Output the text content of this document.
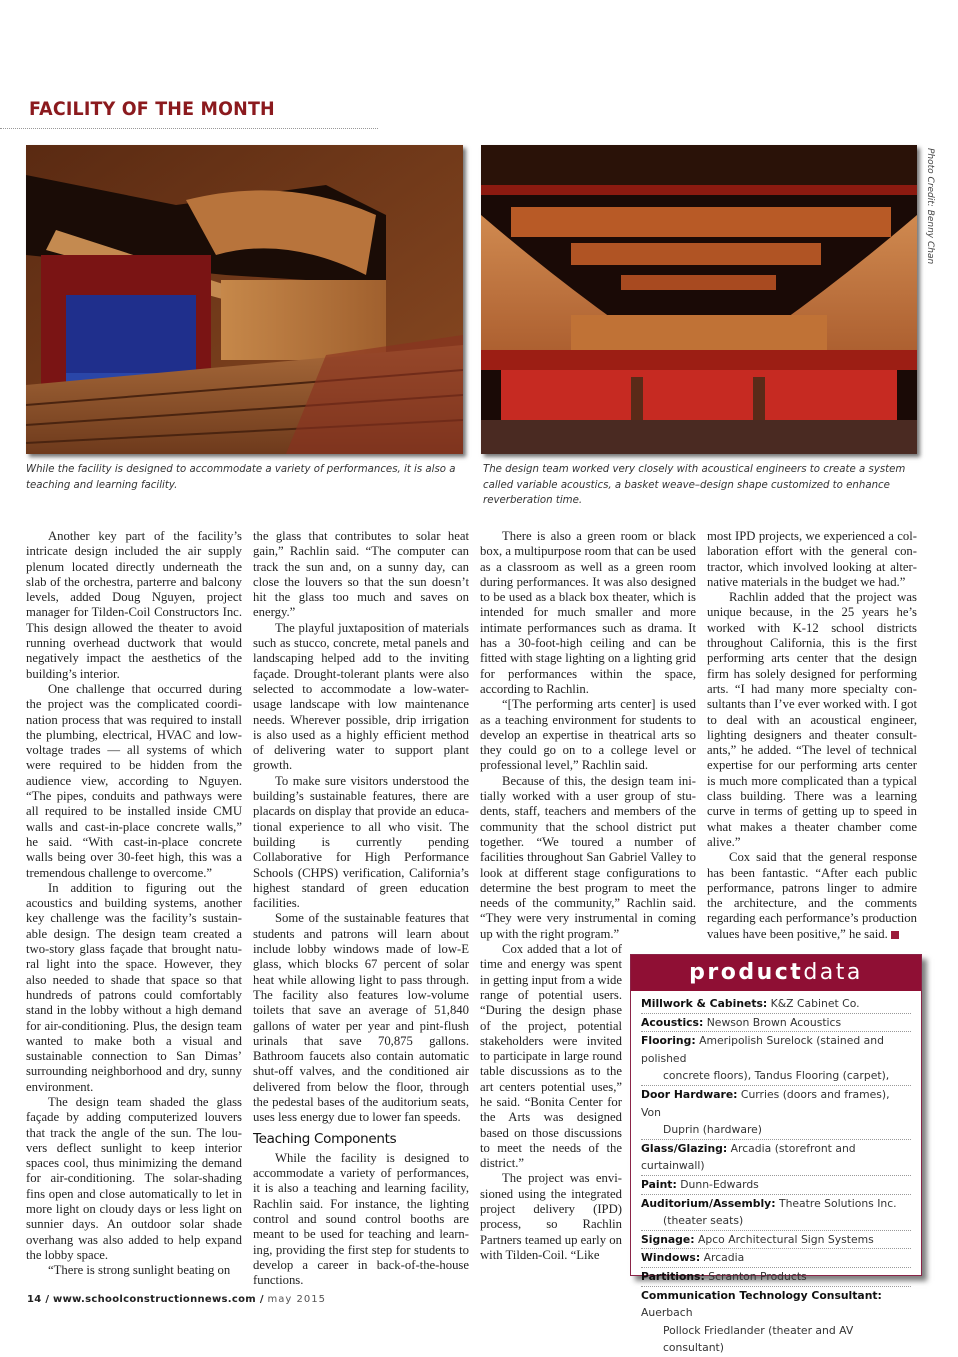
FACILITY OF THE MONTH
Photo Credit: Benny Chan
While the facility is designed to accommodate a variety of performances, it is also a teaching and learning facility.
The design team worked very closely with acoustical engineers to create a system called variable acoustics, a basket weave–design shape customized to enhance reverberation time.

Another key part of the facility’s intricate design included the air supply plenum located directly underneath the slab of the orchestra, parterre and balcony levels, added Doug Nguyen, project manager for Tilden-Coil Constructors Inc. This design allowed the theater to avoid running overhead ductwork that would negatively impact the aesthetics of the building’s interior.

One challenge that occurred during the project was the complicated coordination process that was required to install the plumbing, electrical, HVAC and low-voltage trades — all systems of which were required to be hidden from the audience view, according to Nguyen. “The pipes, conduits and pathways were all required to be installed inside CMU walls and cast-in-place concrete walls,” he said. “With cast-in-place concrete walls being over 30-feet high, this was a tremendous challenge to overcome.”

In addition to figuring out the acoustics and building systems, another key challenge was the facility’s sustainable design. The design team created a two-story glass façade that brought natural light into the space. However, they also needed to shade that space so that hundreds of patrons could comfortably stand in the lobby without a high demand for air-conditioning. Plus, the design team wanted to make both a visual and sustainable connection to San Dimas’ surrounding neighborhood and dry, sunny environment.

The design team shaded the glass façade by adding computerized louvers that track the angle of the sun. The louvers deflect sunlight to keep interior spaces cool, thus minimizing the demand for air-conditioning. The solar-shading fins open and close automatically to let in more light on cloudy days or less light on sunnier days. An outdoor solar shade overhang was also added to help expand the lobby space.

“There is strong sunlight beating on

the glass that contributes to solar heat gain,” Rachlin said. “The computer can track the sun and, on a sunny day, can close the louvers so that the sun doesn’t hit the glass too much and saves on energy.”

The playful juxtaposition of materials such as stucco, concrete, metal panels and landscaping helped add to the inviting façade. Drought-tolerant plants were also selected to accommodate a low-water-usage landscape with low maintenance needs. Wherever possible, drip irrigation is also used as a highly efficient method of delivering water to support plant growth.

To make sure visitors understood the building’s sustainable features, there are placards on display that provide an educational experience to all who visit. The building is currently pending Collaborative for High Performance Schools (CHPS) verification, California’s highest standard of green education facilities.

Some of the sustainable features that students and patrons will learn about include lobby windows made of low-E glass, which blocks 67 percent of solar heat while allowing light to pass through. The facility also features low-volume toilets that save an average of 51,840 gallons of water per year and pint-flush urinals that save 70,875 gallons. Bathroom faucets also contain automatic shut-off valves, and the conditioned air delivered from below the floor, through the pedestal bases of the auditorium seats, uses less energy due to lower fan speeds.

Teaching Components

While the facility is designed to accommodate a variety of performances, it is also a teaching and learning facility, Rachlin said. For instance, the lighting control and sound control booths are meant to be used for teaching and learning, providing the first step for students to develop a career in back-of-the-house functions.

There is also a green room or black box, a multipurpose room that can be used as a classroom as well as a green room during performances. It was also designed to be used as a black box theater, which is intended for much smaller and more intimate performances such as drama. It has a 30-foot-high ceiling and can be fitted with stage lighting on a lighting grid for performances within the space, according to Rachlin.

“[The performing arts center] is used as a teaching environment for students to develop an expertise in theatrical arts so they could go on to a college level or professional level,” Rachlin said.

Because of this, the design team initially worked with a user group of students, staff, teachers and members of the community that the school district put together. “We toured a number of facilities throughout San Gabriel Valley to look at different stage configurations to determine the best program to meet the needs of the community,” Rachlin said. “They were very instrumental in coming up with the right program.”

Cox added that a lot of time and energy was spent in getting input from a wide range of potential users. “During the design phase of the project, potential stakeholders were invited to participate in large round table discussions as to the art centers potential uses,” he said. “Bonita Center for the Arts was designed based on those discussions to meet the needs of the district.”

The project was envisioned using the integrated project delivery (IPD) process, so Rachlin Partners teamed up early on with Tilden-Coil. “Like

most IPD projects, we experienced a collaboration effort with the general contractor, which involved looking at alternative materials in the budget we had.”

Rachlin added that the project was unique because, in the 25 years he’s worked with K-12 school districts throughout California, this is the first performing arts center that the design firm has solely designed for performing arts. “I had many more specialty consultants than I’ve ever worked with. I got to deal with an acoustical engineer, lighting designers and theater consultants,” he added. “The level of technical expertise for our performing arts center is much more complicated than a typical class building. There was a learning curve in terms of getting up to speed in what makes a theater chamber come alive.”

Cox said that the general response has been fantastic. “After each public performance, patrons linger to admire the architecture, and the comments regarding each performance’s production values have been positive,” he said.

productdata
Millwork & Cabinets: K&Z Cabinet Co.
Acoustics: Newson Brown Acoustics
Flooring: Ameripolish Surelock (stained and polished
concrete floors), Tandus Flooring (carpet),
Door Hardware: Curries (doors and frames), Von
Duprin (hardware)
Glass/Glazing: Arcadia (storefront and curtainwall)
Paint: Dunn-Edwards
Auditorium/Assembly: Theatre Solutions Inc.
(theater seats)
Signage: Apco Architectural Sign Systems
Windows: Arcadia
Partitions: Scranton Products
Communication Technology Consultant: Auerbach
Pollock Friedlander (theater and AV consultant)
14 / www.schoolconstructionnews.com / may 2015
